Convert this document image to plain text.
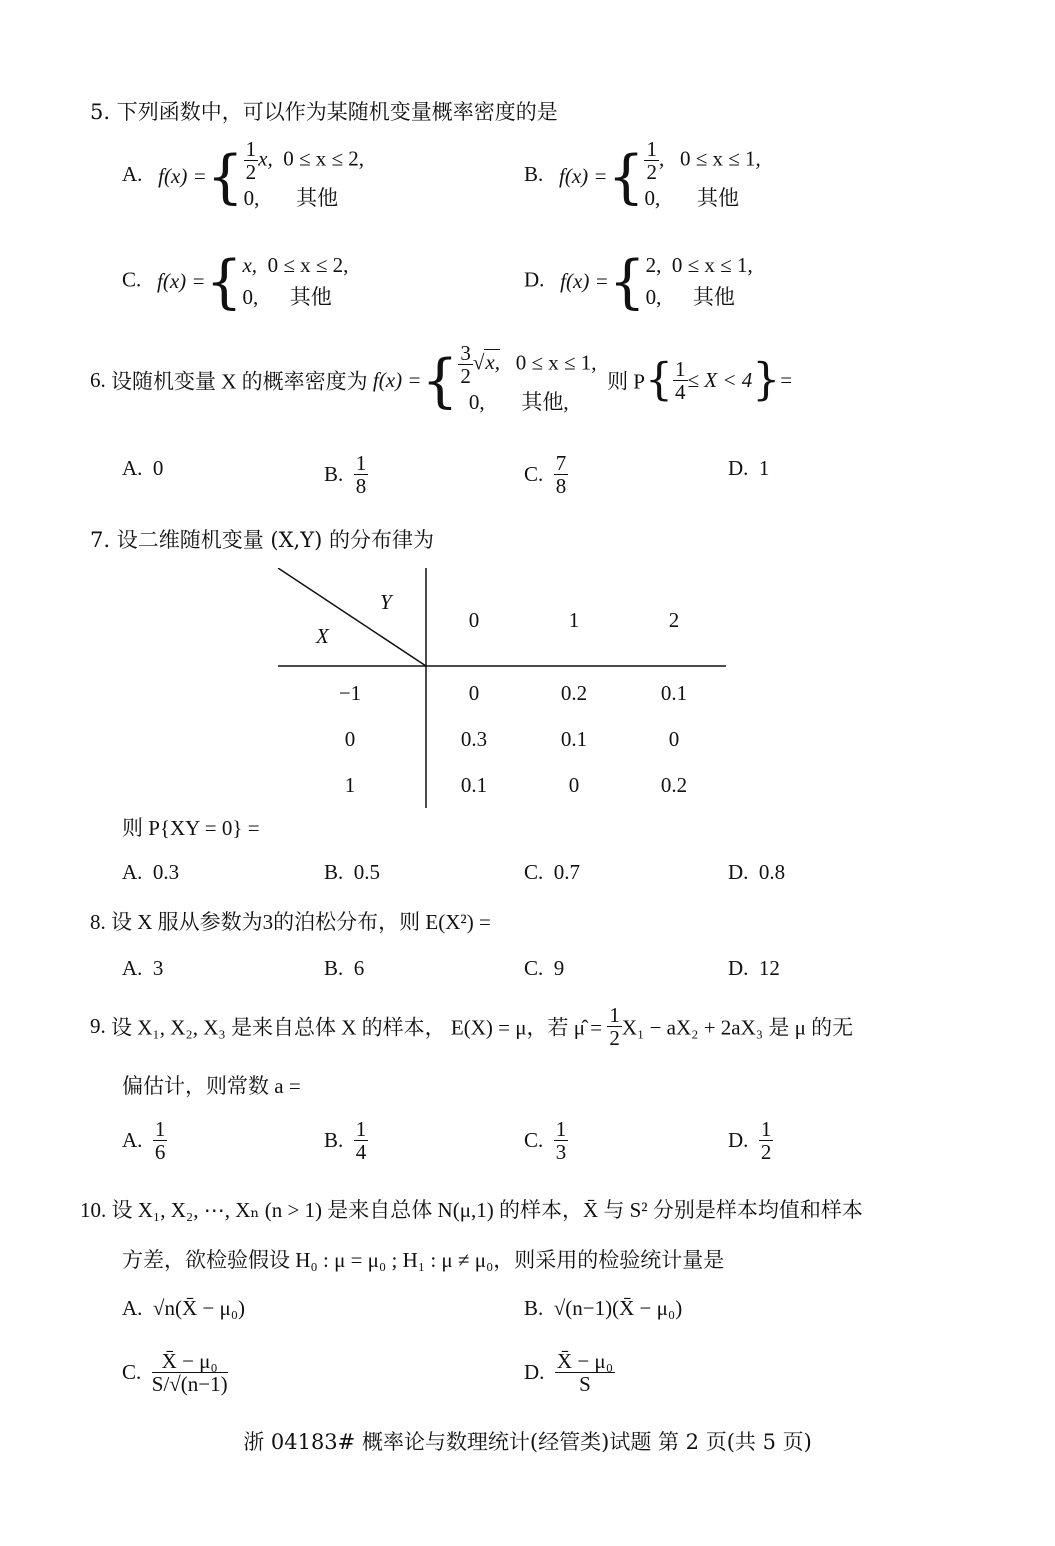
5. 下列函数中，可以作为某随机变量概率密度的是
A. f(x) ={ $\frac{1}{2} x$, 0 ≤ x ≤ 2,
0, 其他
B. f(x) ={ $\frac{1}{2}$ , 0 ≤ x ≤ 1,
0, 其他
C. f(x) ={ x, 0 ≤ x ≤ 2,
0, 其他
D. f(x) ={ 2, 0 ≤ x ≤ 1,
0, 其他
6. 设随机变量 X 的概率密度为 f(x) ={ $\frac{3}{2} √x$, 0 ≤ x ≤ 1,
0, 其他,
则 $P\{ \frac{1}{4} \le X < 4\}=$
A. 0	B. $\frac{1}{8}$	C. $\frac{7}{8}$	D. 1
7. 设二维随机变量 (X,Y) 的分布律为
Y
X
0	1	2
−1	0	0.2	0.1
0	0.3	0.1	0
1	0.1	0	0.2
则 P{XY = 0} =
A. 0.3	B. 0.5	C. 0.7	D. 0.8
8. 设 X 服从参数为3的泊松分布，则 E(X²) =
A. 3	B. 6	C. 9	D. 12
9. 设 X₁, X₂, X₃ 是来自总体 X 的样本， E(X) = μ，若 μ̂ = $\frac{1}{2} X_1 - aX_2 + 2aX_3$ 是 μ 的无
偏估计，则常数 a =
A. $\frac{1}{6}$	B. $\frac{1}{4}$	C. $\frac{1}{3}$	D. $\frac{1}{2}$
10. 设 X₁, X₂, ⋯, Xₙ (n > 1) 是来自总体 N(μ,1) 的样本，X̄ 与 S² 分别是样本均值和样本
方差，欲检验假设 H₀ : μ = μ₀ ; H₁ : μ ≠ μ₀，则采用的检验统计量是
A. √n(X̄ − μ₀)	B. √(n−1)(X̄ − μ₀)
C. $\frac{\text{X̄ − μ₀}}{S/√(n-1)}$	D. $\frac{\text{X̄ − μ₀}}{S}$
浙 04183# 概率论与数理统计(经管类)试题 第 2 页(共 5 页)
